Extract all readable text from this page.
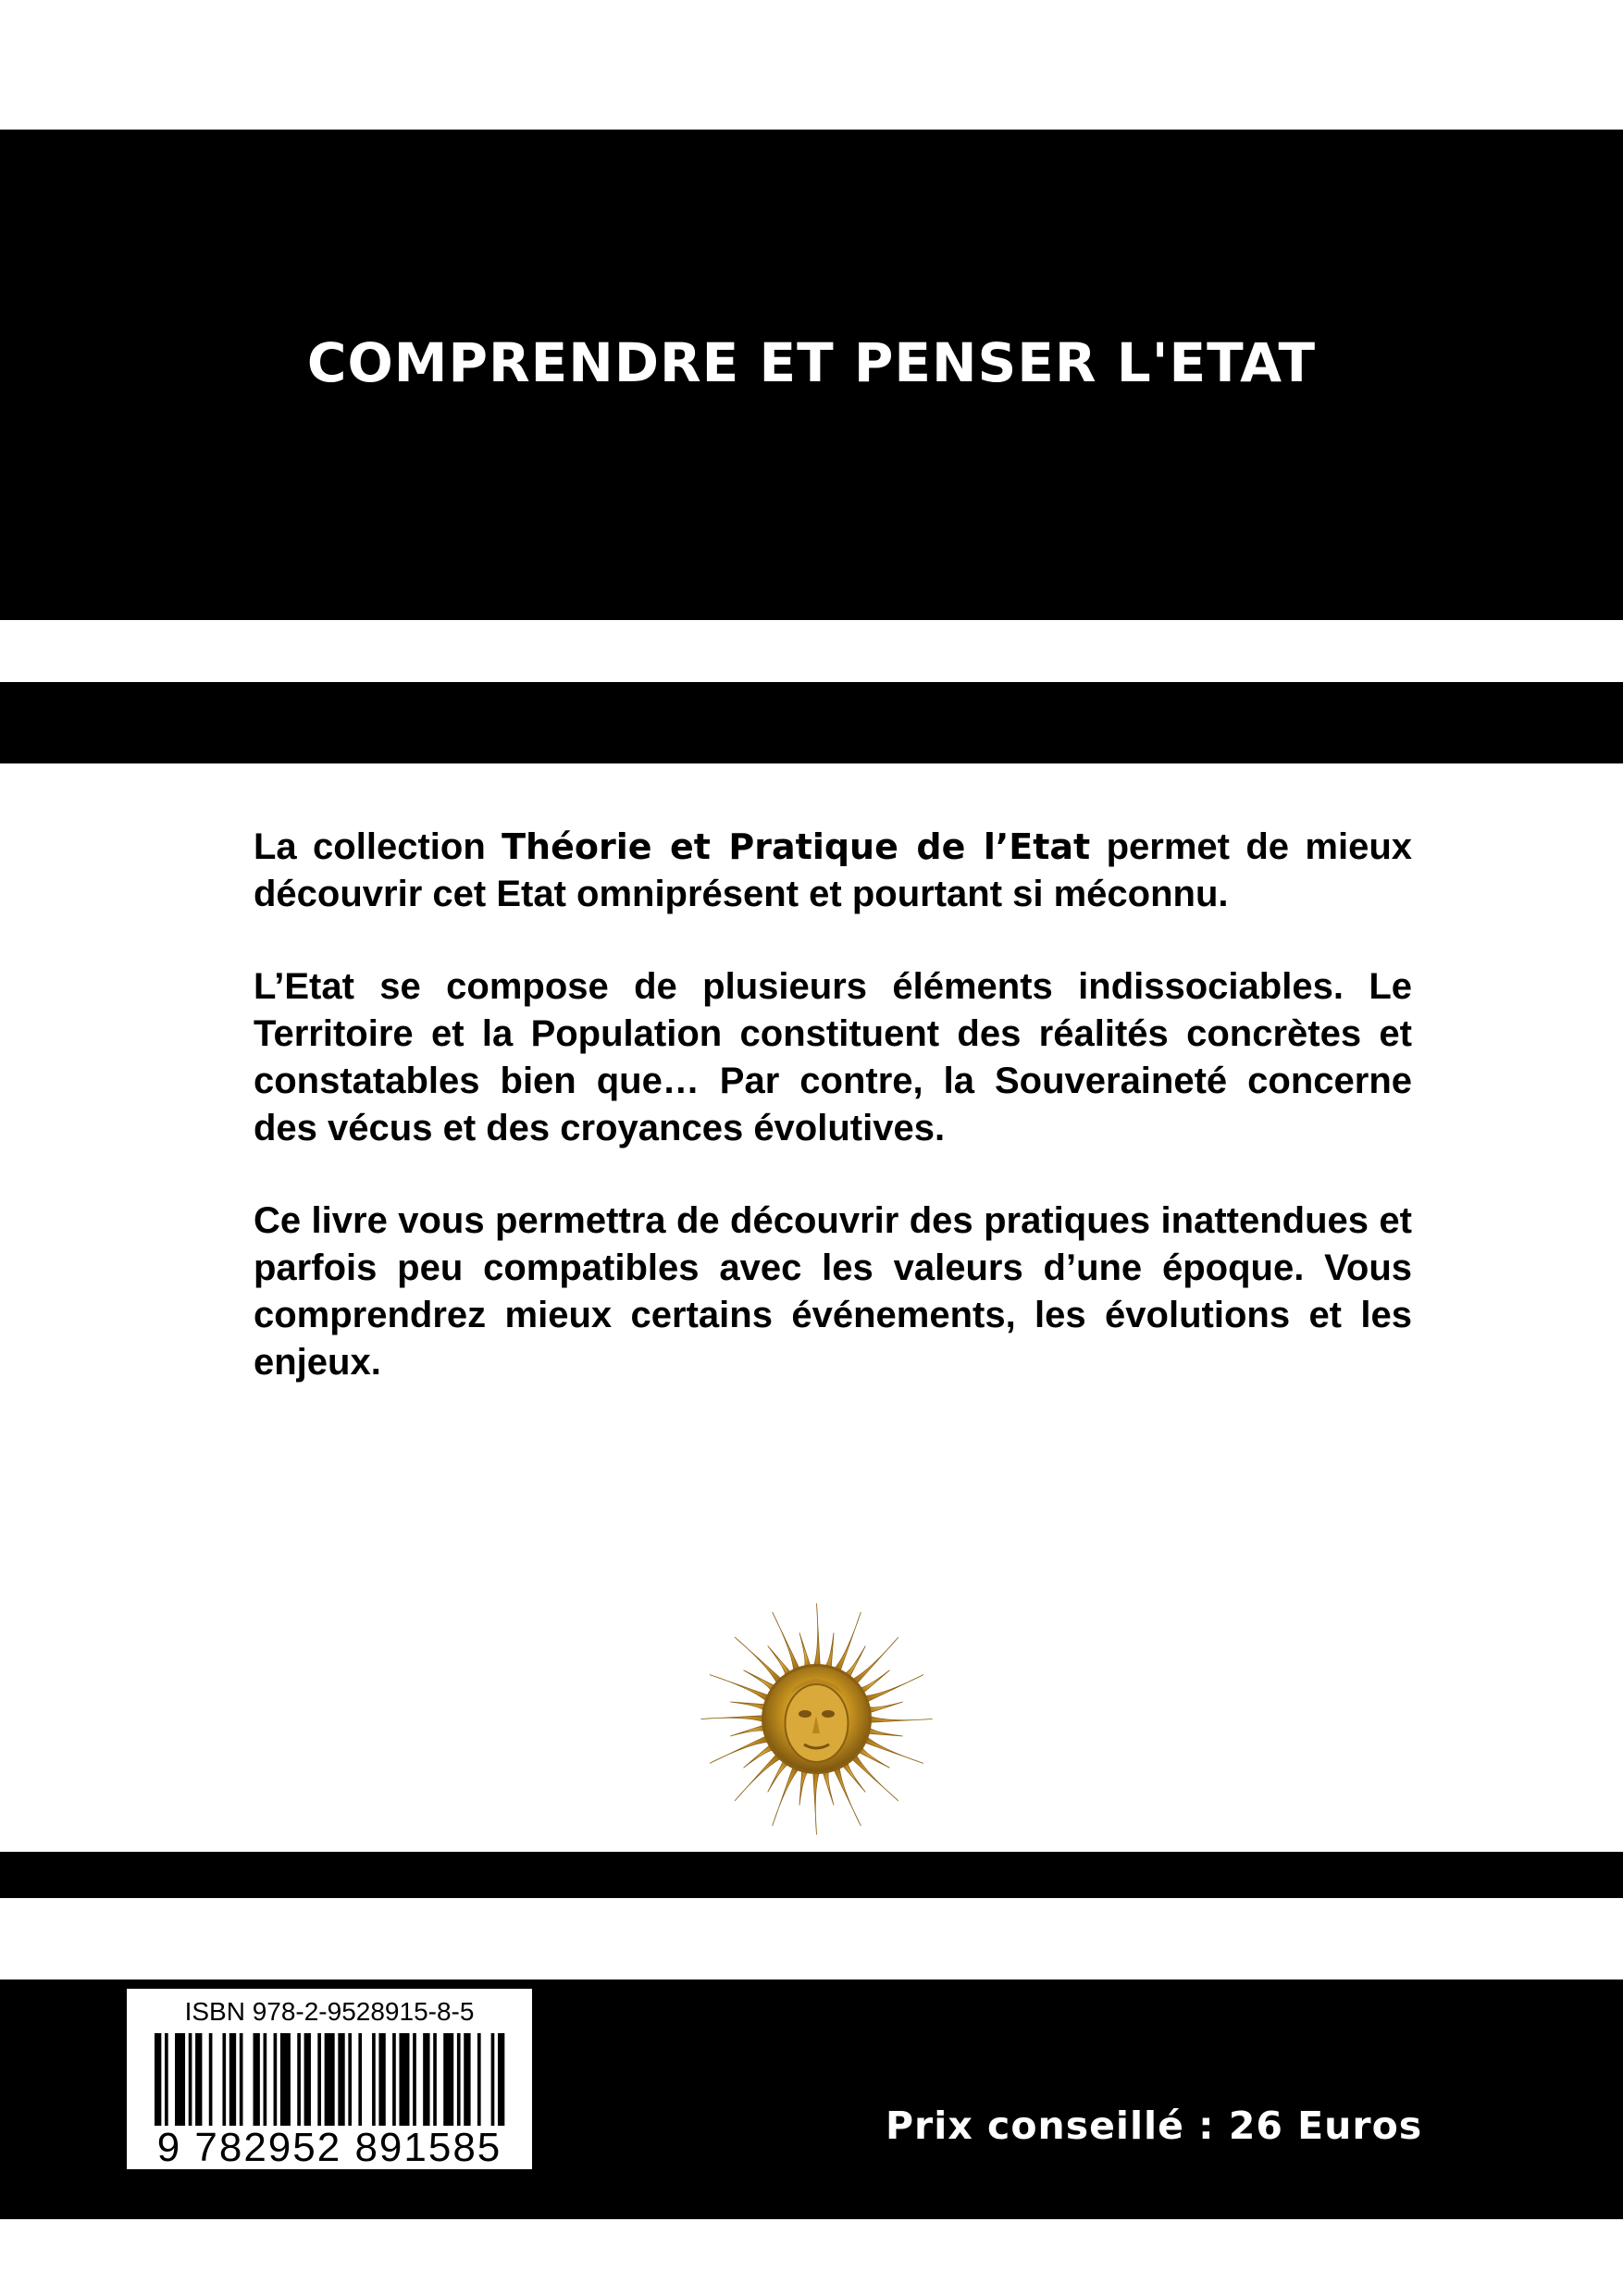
COMPRENDRE ET PENSER L'ETAT

La collection Théorie et Pratique de l’Etat permet de mieux découvrir cet Etat omniprésent et pourtant si méconnu.

L’Etat se compose de plusieurs éléments indissociables. Le Territoire et la Population constituent des réalités concrètes et constatables bien que… Par contre, la Souveraineté concerne des vécus et des croyances évolutives.

Ce livre vous permettra de découvrir des pratiques inattendues et parfois peu compatibles avec les valeurs d’une époque. Vous comprendrez mieux certains événements, les évolutions et les enjeux.

ISBN 978-2-9528915-8-5
9 782952 891585	Prix conseillé : 26 Euros
